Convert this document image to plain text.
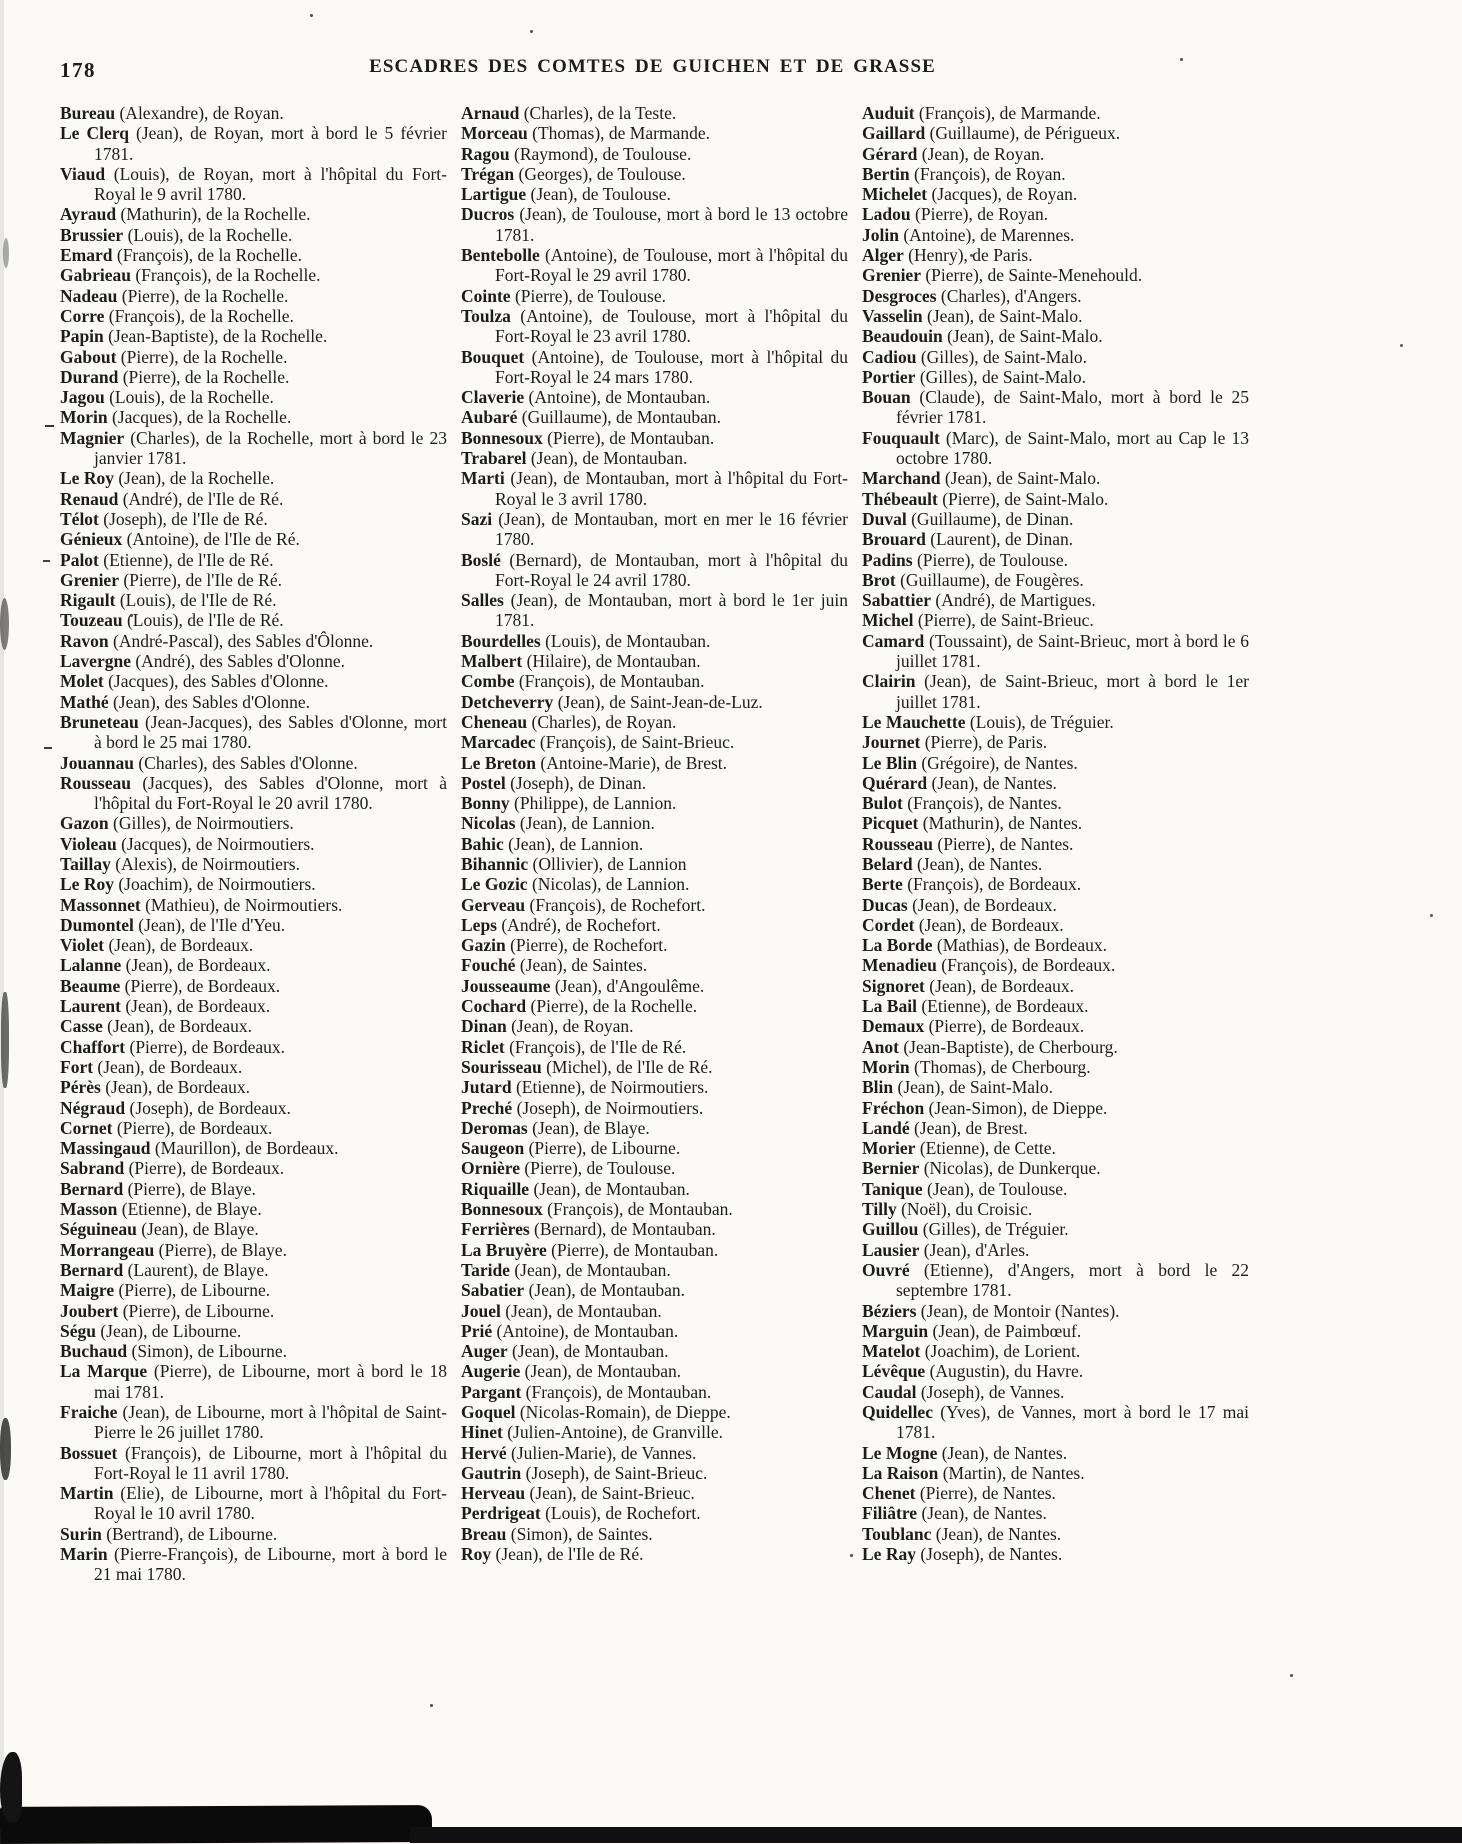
178	ESCADRES DES COMTES DE GUICHEN ET DE GRASSE

Bureau (Alexandre), de Royan.

Le Clerq (Jean), de Royan, mort à bord le 5 février 1781.

Viaud (Louis), de Royan, mort à l'hôpital du Fort-Royal le 9 avril 1780.

Ayraud (Mathurin), de la Rochelle.

Brussier (Louis), de la Rochelle.

Emard (François), de la Rochelle.

Gabrieau (François), de la Rochelle.

Nadeau (Pierre), de la Rochelle.

Corre (François), de la Rochelle.

Papin (Jean-Baptiste), de la Rochelle.

Gabout (Pierre), de la Rochelle.

Durand (Pierre), de la Rochelle.

Jagou (Louis), de la Rochelle.

Morin (Jacques), de la Rochelle.

Magnier (Charles), de la Rochelle, mort à bord le 23 janvier 1781.

Le Roy (Jean), de la Rochelle.

Renaud (André), de l'Ile de Ré.

Télot (Joseph), de l'Ile de Ré.

Génieux (Antoine), de l'Ile de Ré.

Palot (Etienne), de l'Ile de Ré.

Grenier (Pierre), de l'Ile de Ré.

Rigault (Louis), de l'Ile de Ré.

Touzeau (Louis), de l'Ile de Ré.

Ravon (André-Pascal), des Sables d'Ôlonne.

Lavergne (André), des Sables d'Olonne.

Molet (Jacques), des Sables d'Olonne.

Mathé (Jean), des Sables d'Olonne.

Bruneteau (Jean-Jacques), des Sables d'Olonne, mort à bord le 25 mai 1780.

Jouannau (Charles), des Sables d'Olonne.

Rousseau (Jacques), des Sables d'Olonne, mort à l'hôpital du Fort-Royal le 20 avril 1780.

Gazon (Gilles), de Noirmoutiers.

Violeau (Jacques), de Noirmoutiers.

Taillay (Alexis), de Noirmoutiers.

Le Roy (Joachim), de Noirmoutiers.

Massonnet (Mathieu), de Noirmoutiers.

Dumontel (Jean), de l'Ile d'Yeu.

Violet (Jean), de Bordeaux.

Lalanne (Jean), de Bordeaux.

Beaume (Pierre), de Bordeaux.

Laurent (Jean), de Bordeaux.

Casse (Jean), de Bordeaux.

Chaffort (Pierre), de Bordeaux.

Fort (Jean), de Bordeaux.

Pérès (Jean), de Bordeaux.

Négraud (Joseph), de Bordeaux.

Cornet (Pierre), de Bordeaux.

Massingaud (Maurillon), de Bordeaux.

Sabrand (Pierre), de Bordeaux.

Bernard (Pierre), de Blaye.

Masson (Etienne), de Blaye.

Séguineau (Jean), de Blaye.

Morrangeau (Pierre), de Blaye.

Bernard (Laurent), de Blaye.

Maigre (Pierre), de Libourne.

Joubert (Pierre), de Libourne.

Ségu (Jean), de Libourne.

Buchaud (Simon), de Libourne.

La Marque (Pierre), de Libourne, mort à bord le 18 mai 1781.

Fraiche (Jean), de Libourne, mort à l'hôpital de Saint-Pierre le 26 juillet 1780.

Bossuet (François), de Libourne, mort à l'hôpital du Fort-Royal le 11 avril 1780.

Martin (Elie), de Libourne, mort à l'hôpital du Fort-Royal le 10 avril 1780.

Surin (Bertrand), de Libourne.

Marin (Pierre-François), de Libourne, mort à bord le 21 mai 1780.

Arnaud (Charles), de la Teste.

Morceau (Thomas), de Marmande.

Ragou (Raymond), de Toulouse.

Trégan (Georges), de Toulouse.

Lartigue (Jean), de Toulouse.

Ducros (Jean), de Toulouse, mort à bord le 13 octobre 1781.

Bentebolle (Antoine), de Toulouse, mort à l'hôpital du Fort-Royal le 29 avril 1780.

Cointe (Pierre), de Toulouse.

Toulza (Antoine), de Toulouse, mort à l'hôpital du Fort-Royal le 23 avril 1780.

Bouquet (Antoine), de Toulouse, mort à l'hôpital du Fort-Royal le 24 mars 1780.

Claverie (Antoine), de Montauban.

Aubaré (Guillaume), de Montauban.

Bonnesoux (Pierre), de Montauban.

Trabarel (Jean), de Montauban.

Marti (Jean), de Montauban, mort à l'hôpital du Fort-Royal le 3 avril 1780.

Sazi (Jean), de Montauban, mort en mer le 16 février 1780.

Boslé (Bernard), de Montauban, mort à l'hôpital du Fort-Royal le 24 avril 1780.

Salles (Jean), de Montauban, mort à bord le 1er juin 1781.

Bourdelles (Louis), de Montauban.

Malbert (Hilaire), de Montauban.

Combe (François), de Montauban.

Detcheverry (Jean), de Saint-Jean-de-Luz.

Cheneau (Charles), de Royan.

Marcadec (François), de Saint-Brieuc.

Le Breton (Antoine-Marie), de Brest.

Postel (Joseph), de Dinan.

Bonny (Philippe), de Lannion.

Nicolas (Jean), de Lannion.

Bahic (Jean), de Lannion.

Bihannic (Ollivier), de Lannion

Le Gozic (Nicolas), de Lannion.

Gerveau (François), de Rochefort.

Leps (André), de Rochefort.

Gazin (Pierre), de Rochefort.

Fouché (Jean), de Saintes.

Jousseaume (Jean), d'Angoulême.

Cochard (Pierre), de la Rochelle.

Dinan (Jean), de Royan.

Riclet (François), de l'Ile de Ré.

Sourisseau (Michel), de l'Ile de Ré.

Jutard (Etienne), de Noirmoutiers.

Preché (Joseph), de Noirmoutiers.

Deromas (Jean), de Blaye.

Saugeon (Pierre), de Libourne.

Ornière (Pierre), de Toulouse.

Riquaille (Jean), de Montauban.

Bonnesoux (François), de Montauban.

Ferrières (Bernard), de Montauban.

La Bruyère (Pierre), de Montauban.

Taride (Jean), de Montauban.

Sabatier (Jean), de Montauban.

Jouel (Jean), de Montauban.

Prié (Antoine), de Montauban.

Auger (Jean), de Montauban.

Augerie (Jean), de Montauban.

Pargant (François), de Montauban.

Goquel (Nicolas-Romain), de Dieppe.

Hinet (Julien-Antoine), de Granville.

Hervé (Julien-Marie), de Vannes.

Gautrin (Joseph), de Saint-Brieuc.

Herveau (Jean), de Saint-Brieuc.

Perdrigeat (Louis), de Rochefort.

Breau (Simon), de Saintes.

Roy (Jean), de l'Ile de Ré.

Auduit (François), de Marmande.

Gaillard (Guillaume), de Périgueux.

Gérard (Jean), de Royan.

Bertin (François), de Royan.

Michelet (Jacques), de Royan.

Ladou (Pierre), de Royan.

Jolin (Antoine), de Marennes.

Alger (Henry), de Paris.

Grenier (Pierre), de Sainte-Menehould.

Desgroces (Charles), d'Angers.

Vasselin (Jean), de Saint-Malo.

Beaudouin (Jean), de Saint-Malo.

Cadiou (Gilles), de Saint-Malo.

Portier (Gilles), de Saint-Malo.

Bouan (Claude), de Saint-Malo, mort à bord le 25 février 1781.

Fouquault (Marc), de Saint-Malo, mort au Cap le 13 octobre 1780.

Marchand (Jean), de Saint-Malo.

Thébeault (Pierre), de Saint-Malo.

Duval (Guillaume), de Dinan.

Brouard (Laurent), de Dinan.

Padins (Pierre), de Toulouse.

Brot (Guillaume), de Fougères.

Sabattier (André), de Martigues.

Michel (Pierre), de Saint-Brieuc.

Camard (Toussaint), de Saint-Brieuc, mort à bord le 6 juillet 1781.

Clairin (Jean), de Saint-Brieuc, mort à bord le 1er juillet 1781.

Le Mauchette (Louis), de Tréguier.

Journet (Pierre), de Paris.

Le Blin (Grégoire), de Nantes.

Quérard (Jean), de Nantes.

Bulot (François), de Nantes.

Picquet (Mathurin), de Nantes.

Rousseau (Pierre), de Nantes.

Belard (Jean), de Nantes.

Berte (François), de Bordeaux.

Ducas (Jean), de Bordeaux.

Cordet (Jean), de Bordeaux.

La Borde (Mathias), de Bordeaux.

Menadieu (François), de Bordeaux.

Signoret (Jean), de Bordeaux.

La Bail (Etienne), de Bordeaux.

Demaux (Pierre), de Bordeaux.

Anot (Jean-Baptiste), de Cherbourg.

Morin (Thomas), de Cherbourg.

Blin (Jean), de Saint-Malo.

Fréchon (Jean-Simon), de Dieppe.

Landé (Jean), de Brest.

Morier (Etienne), de Cette.

Bernier (Nicolas), de Dunkerque.

Tanique (Jean), de Toulouse.

Tilly (Noël), du Croisic.

Guillou (Gilles), de Tréguier.

Lausier (Jean), d'Arles.

Ouvré (Etienne), d'Angers, mort à bord le 22 septembre 1781.

Béziers (Jean), de Montoir (Nantes).

Marguin (Jean), de Paimbœuf.

Matelot (Joachim), de Lorient.

Lévêque (Augustin), du Havre.

Caudal (Joseph), de Vannes.

Quidellec (Yves), de Vannes, mort à bord le 17 mai 1781.

Le Mogne (Jean), de Nantes.

La Raison (Martin), de Nantes.

Chenet (Pierre), de Nantes.

Filiâtre (Jean), de Nantes.

Toublanc (Jean), de Nantes.

Le Ray (Joseph), de Nantes.
